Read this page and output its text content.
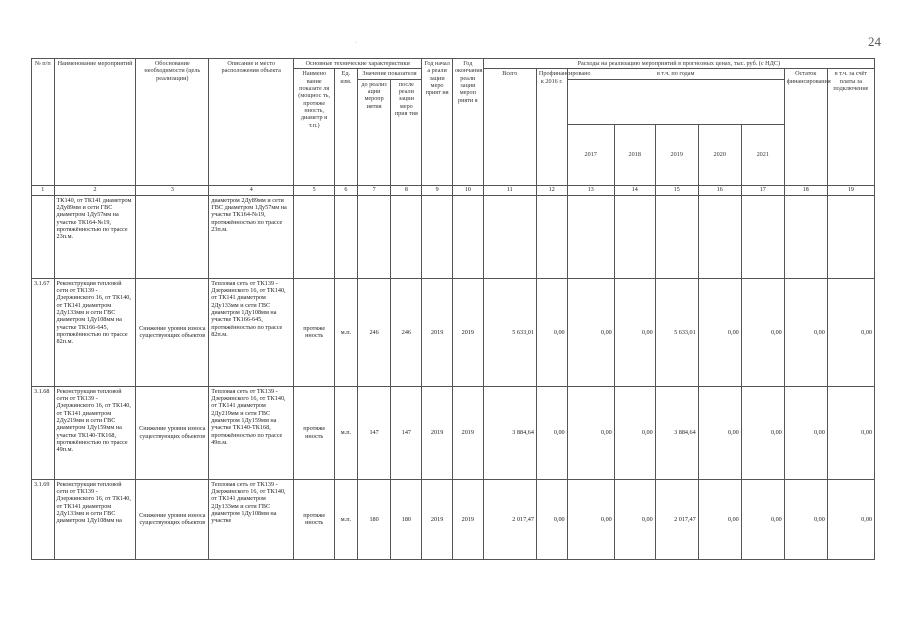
24
·
№ п/п	Наименование мероприятий	Обоснование необходимости (цель реализации)	Описание и место расположения объекта	Основные технические характеристики				Год начал а реали зации меро прият ия	Год окончания реали зации мероп рияти я	Расходы на реализацию мероприятий в прогнозных ценах, тыс. руб. (с НДС)								
				Наимено вание показате ля (мощнос ть, протяже нность, диаметр и т.п.)	Ед. изм.	Значение показателя				Всего	Профинансировано к 2016 г.	в т.ч. по годам					Остаток финансирования	в т.ч. за счёт платы за подключение
						до реализ ации меропр иятия	после реали зации меро прия тия											
												2017	2018	2019	2020	2021		
1	2	3	4	5	6	7	8	9	10	11	12	13	14	15	16	17	18	19
	ТК140, от ТК141 диаметром 2Ду89мм и сети ГВС диаметром 1Ду57мм на участке ТК164-№19, протяжённостью по трассе 23п.м.		диаметром 2Ду89мм и сети ГВС диаметром 1Ду57мм на участке ТК164-№19, протяжённостью по трассе 23п.м.															
3.1.67	Реконструкция тепловой сети от ТК139 - Дзержинского 16, от ТК140, от ТК141 диаметром 2Ду133мм и сети ГВС диаметром 1Ду108мм на участке ТК166-645, протяжённостью по трассе 82п.м.	Снижение уровня износа существующих объектов	Тепловая сеть от ТК139 - Дзержинского 16, от ТК140, от ТК141 диаметром 2Ду133мм и сети ГВС диаметром 1Ду108мм на участке ТК166-645, протяжённостью по трассе 82п.м.	протяже нность	м.п.	246	246	2019	2019	5 633,01	0,00	0,00	0,00	5 633,01	0,00	0,00	0,00	0,00
3.1.68	Реконструкция тепловой сети от ТК139 - Дзержинского 16, от ТК140, от ТК141 диаметром 2Ду219мм и сети ГВС диаметром 1Ду159мм на участке ТК140-ТК168, протяжённостью по трассе 49п.м.	Снижение уровня износа существующих объектов	Тепловая сеть от ТК139 - Дзержинского 16, от ТК140, от ТК141 диаметром 2Ду219мм и сети ГВС диаметром 1Ду159мм на участке ТК140-ТК168, протяжённостью по трассе 49п.м.	протяже нность	м.п.	147	147	2019	2019	3 884,64	0,00	0,00	0,00	3 884,64	0,00	0,00	0,00	0,00
3.1.69	Реконструкция тепловой сети от ТК139 - Дзержинского 16, от ТК140, от ТК141 диаметром 2Ду133мм и сети ГВС диаметром 1Ду108мм на	Снижение уровня износа существующих объектов	Тепловая сеть от ТК139 - Дзержинского 16, от ТК140, от ТК141 диаметром 2Ду133мм и сети ГВС диаметром 1Ду108мм на участке	протяже нность	м.п.	180	180	2019	2019	2 017,47	0,00	0,00	0,00	2 017,47	0,00	0,00	0,00	0,00
